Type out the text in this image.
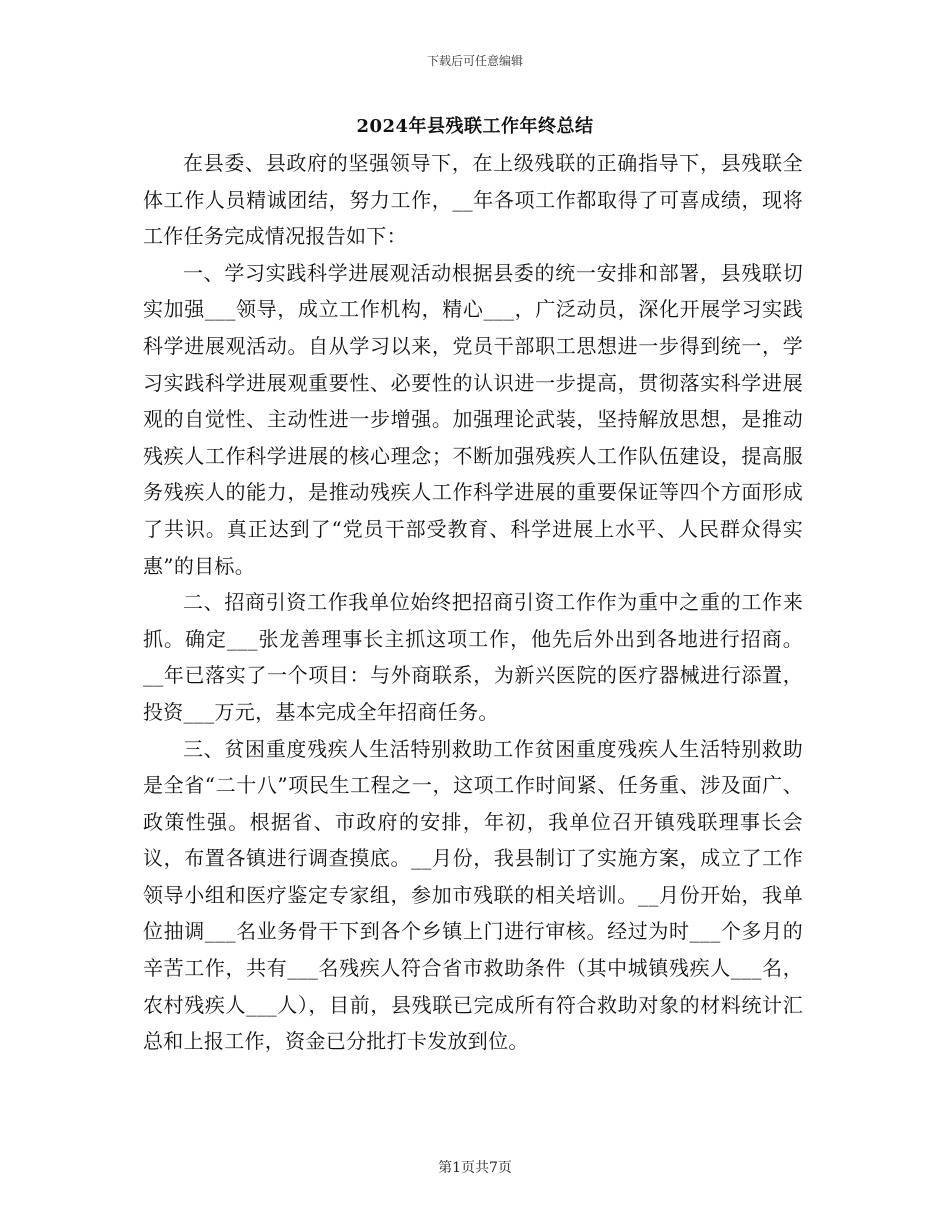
下载后可任意编辑
2024年县残联工作年终总结

在县委、县政府的坚强领导下，在上级残联的正确指导下，县残联全体工作人员精诚团结，努力工作，__年各项工作都取得了可喜成绩，现将工作任务完成情况报告如下：

一、学习实践科学进展观活动根据县委的统一安排和部署，县残联切实加强___领导，成立工作机构，精心___，广泛动员，深化开展学习实践科学进展观活动。自从学习以来，党员干部职工思想进一步得到统一，学习实践科学进展观重要性、必要性的认识进一步提高，贯彻落实科学进展观的自觉性、主动性进一步增强。加强理论武装，坚持解放思想，是推动残疾人工作科学进展的核心理念；不断加强残疾人工作队伍建设，提高服务残疾人的能力，是推动残疾人工作科学进展的重要保证等四个方面形成了共识。真正达到了“党员干部受教育、科学进展上水平、人民群众得实惠”的目标。

二、招商引资工作我单位始终把招商引资工作作为重中之重的工作来抓。确定___张龙善理事长主抓这项工作，他先后外出到各地进行招商。__年已落实了一个项目：与外商联系，为新兴医院的医疗器械进行添置，投资___万元，基本完成全年招商任务。

三、贫困重度残疾人生活特别救助工作贫困重度残疾人生活特别救助是全省“二十八”项民生工程之一，这项工作时间紧、任务重、涉及面广、政策性强。根据省、市政府的安排，年初，我单位召开镇残联理事长会议，布置各镇进行调查摸底。__月份，我县制订了实施方案，成立了工作领导小组和医疗鉴定专家组，参加市残联的相关培训。__月份开始，我单位抽调___名业务骨干下到各个乡镇上门进行审核。经过为时___个多月的辛苦工作，共有___名残疾人符合省市救助条件（其中城镇残疾人___名，农村残疾人___人），目前，县残联已完成所有符合救助对象的材料统计汇总和上报工作，资金已分批打卡发放到位。

第1页共7页
